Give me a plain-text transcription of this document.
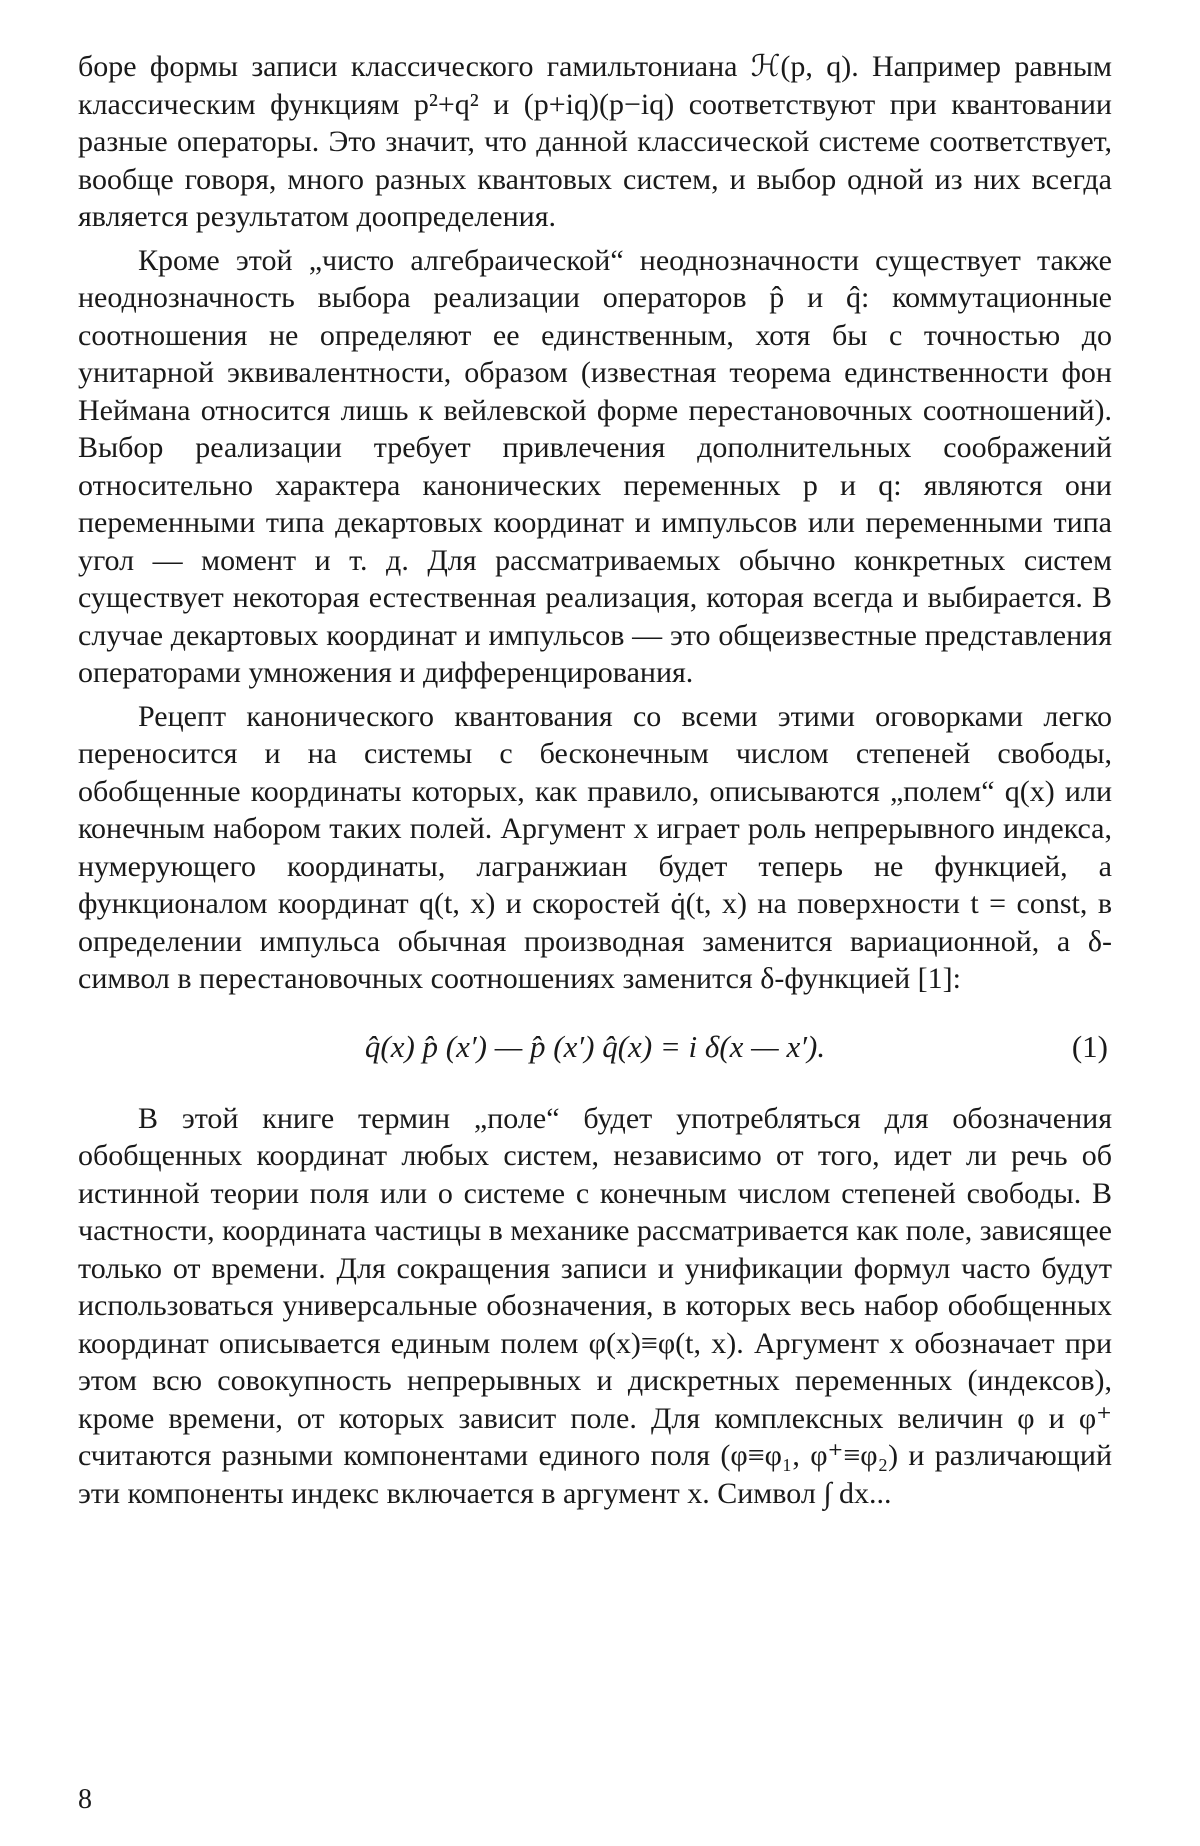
боре формы записи классического гамильтониана ℋ(p, q). Например равным классическим функциям p²+q² и (p+iq)(p−iq) соответствуют при квантовании разные операторы. Это значит, что данной классической системе соответствует, вообще говоря, много разных квантовых систем, и выбор одной из них всегда является результатом доопределения.

Кроме этой „чисто алгебраической“ неоднозначности существует также неоднозначность выбора реализации операторов p̂ и q̂: коммутационные соотношения не определяют ее единственным, хотя бы с точностью до унитарной эквивалентности, образом (известная теорема единственности фон Неймана относится лишь к вейлевской форме перестановочных соотношений). Выбор реализации требует привлечения дополнительных соображений относительно характера канонических переменных p и q: являются они переменными типа декартовых координат и импульсов или переменными типа угол — момент и т. д. Для рассматриваемых обычно конкретных систем существует некоторая естественная реализация, которая всегда и выбирается. В случае декартовых координат и импульсов — это общеизвестные представления операторами умножения и дифференцирования.

Рецепт канонического квантования со всеми этими оговорками легко переносится и на системы с бесконечным числом степеней свободы, обобщенные координаты которых, как правило, описываются „полем“ q(x) или конечным набором таких полей. Аргумент x играет роль непрерывного индекса, нумерующего координаты, лагранжиан будет теперь не функцией, а функционалом координат q(t, x) и скоростей q̇(t, x) на поверхности t = const, в определении импульса обычная производная заменится вариационной, а δ-символ в перестановочных соотношениях заменится δ-функцией [1]:

q̂(x) p̂ (x′) — p̂ (x′) q̂(x) = i δ(x — x′).	(1)

В этой книге термин „поле“ будет употребляться для обозначения обобщенных координат любых систем, независимо от того, идет ли речь об истинной теории поля или о системе с конечным числом степеней свободы. В частности, координата частицы в механике рассматривается как поле, зависящее только от времени. Для сокращения записи и унификации формул часто будут использоваться универсальные обозначения, в которых весь набор обобщенных координат описывается единым полем φ(x)≡φ(t, x). Аргумент x обозначает при этом всю совокупность непрерывных и дискретных переменных (индексов), кроме времени, от которых зависит поле. Для комплексных величин φ и φ⁺ считаются разными компонентами единого поля (φ≡φ₁, φ⁺≡φ₂) и различающий эти компоненты индекс включается в аргумент x. Символ ∫ dx...

8
